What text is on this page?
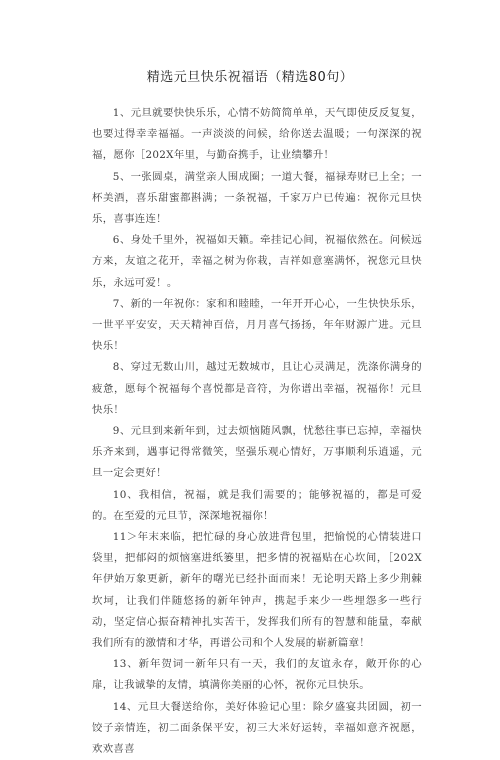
精选元旦快乐祝福语（精选80句）

1、元旦就要快快乐乐，心情不妨简简单单，天气即使反反复复，也要过得幸幸福福。一声淡淡的问候，给你送去温暖；一句深深的祝福，愿你［202X年里，与勤奋携手，让业绩攀升！

5、一张圆桌，满堂亲人围成圈；一道大餐，福禄寿财已上全；一杯美酒，喜乐甜蜜都斟满；一条祝福，千家万户已传遍：祝你元旦快乐，喜事连连！

6、身处千里外，祝福如天籁。牵挂记心间，祝福依然在。问候远方来，友谊之花开，幸福之树为你栽，吉祥如意塞满怀，祝您元旦快乐，永远可爱！。

7、新的一年祝你：家和和睦睦，一年开开心心，一生快快乐乐，一世平平安安，天天精神百倍，月月喜气扬扬，年年财源广进。元旦快乐！

8、穿过无数山川，越过无数城市，且让心灵满足，洗涤你满身的疲惫，愿每个祝福每个喜悦都是音符，为你谱出幸福，祝福你！元旦快乐！

9、元旦到来新年到，过去烦恼随风飘，忧愁往事已忘掉，幸福快乐齐来到，遇事记得常微笑，坚强乐观心情好，万事顺利乐逍遥，元旦一定会更好！

10、我相信，祝福，就是我们需要的；能够祝福的，都是可爱的。在至爱的元旦节，深深地祝福你！

11＞年末来临，把忙碌的身心放进背包里，把愉悦的心情装进口袋里，把郁闷的烦恼塞进纸篓里，把多情的祝福贴在心坎间，［202X年伊始万象更新，新年的曙光已经扑面而来！无论明天路上多少荆棘坎坷，让我们伴随悠扬的新年钟声，携起手来少一些埋怨多一些行动，坚定信心振奋精神扎实苦干，发挥我们所有的智慧和能量，奉献我们所有的激情和才华，再谱公司和个人发展的崭新篇章！

13、新年贺词一新年只有一天，我们的友谊永存，敞开你的心扉，让我诚挚的友情，填满你美丽的心怀，祝你元旦快乐。

14、元旦大餐送给你，美好体验记心里：除夕盛宴共团圆，初一饺子亲情连，初二面条保平安，初三大米好运转，幸福如意齐祝愿，欢欢喜喜
